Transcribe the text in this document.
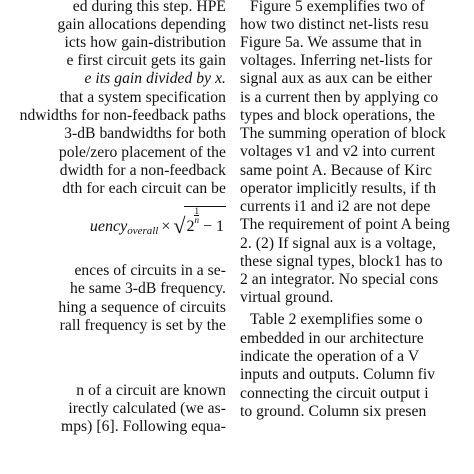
ed during this step. HPE
gain allocations depending
icts how gain-distribution
e first circuit gets its gain
e its gain divided by x.
that a system specification
ndwidths for non-feedback paths
3-dB bandwidths for both
pole/zero placement of the
dwidth for a non-feedback
dth for each circuit can be
uencyoverall × √2
$\frac{1}{n}$
− 1
ences of circuits in a se-
he same 3-dB frequency.
hing a sequence of circuits
rall frequency is set by the
n of a circuit are known
irectly calculated (we as-
mps) [6]. Following equa-
Figure 5 exemplifies two of
how two distinct net-lists resu
Figure 5a. We assume that in
voltages. Inferring net-lists for
signal aux as aux can be either
is a current then by applying co
types and block operations, the
The summing operation of block
voltages v1 and v2 into current
same point A. Because of Kirc
operator implicitly results, if th
currents i1 and i2 are not depe
The requirement of point A being
2. (2) If signal aux is a voltage,
these signal types, block1 has to
2 an integrator. No special cons
virtual ground.
Table 2 exemplifies some o
embedded in our architecture
indicate the operation of a V
inputs and outputs. Column fiv
connecting the circuit output i
to ground. Column six presen
